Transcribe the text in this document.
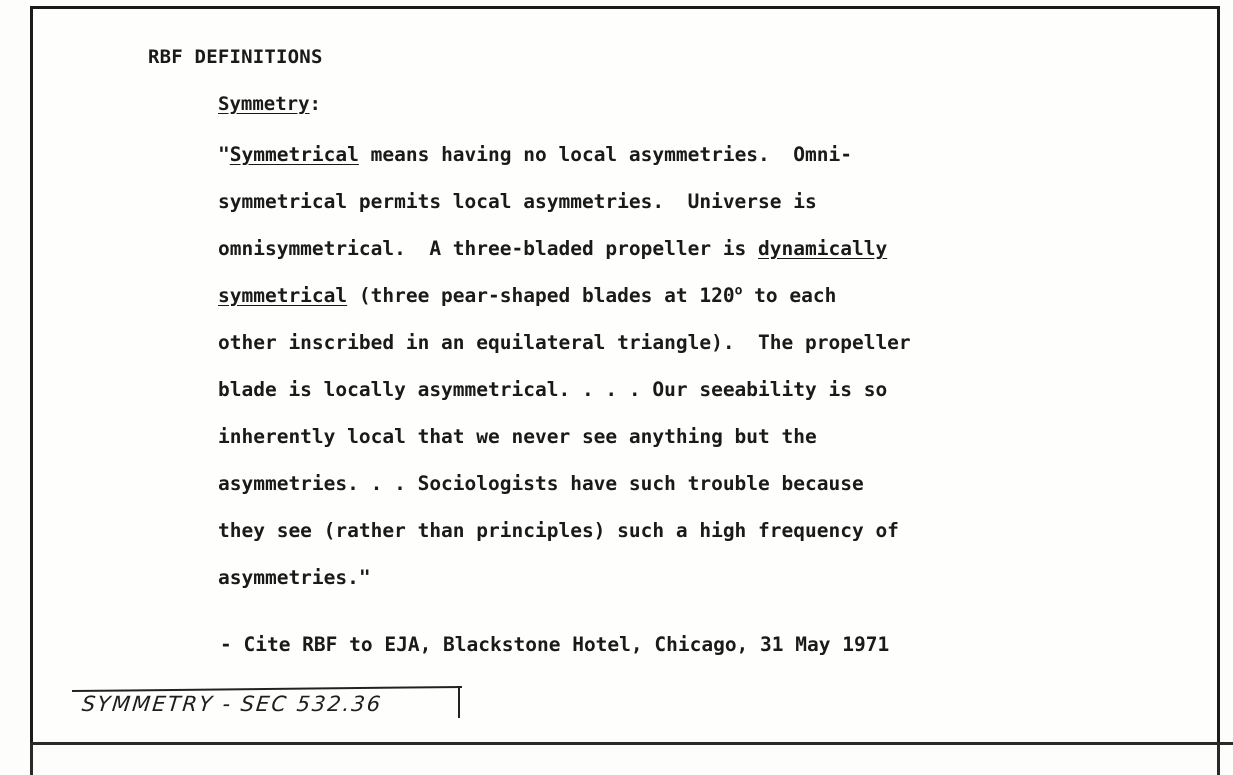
RBF DEFINITIONS
Symmetry:
"Symmetrical means having no local asymmetries.  Omni-
symmetrical permits local asymmetries.  Universe is
omnisymmetrical.  A three-bladed propeller is dynamically
symmetrical (three pear-shaped blades at 120$^o$ to each
other inscribed in an equilateral triangle).  The propeller
blade is locally asymmetrical. . . . Our seeability is so
inherently local that we never see anything but the
asymmetries. . . Sociologists have such trouble because
they see (rather than principles) such a high frequency of
asymmetries."
- Cite RBF to EJA, Blackstone Hotel, Chicago, 31 May 1971
SYMMETRY - SEC 532.36
